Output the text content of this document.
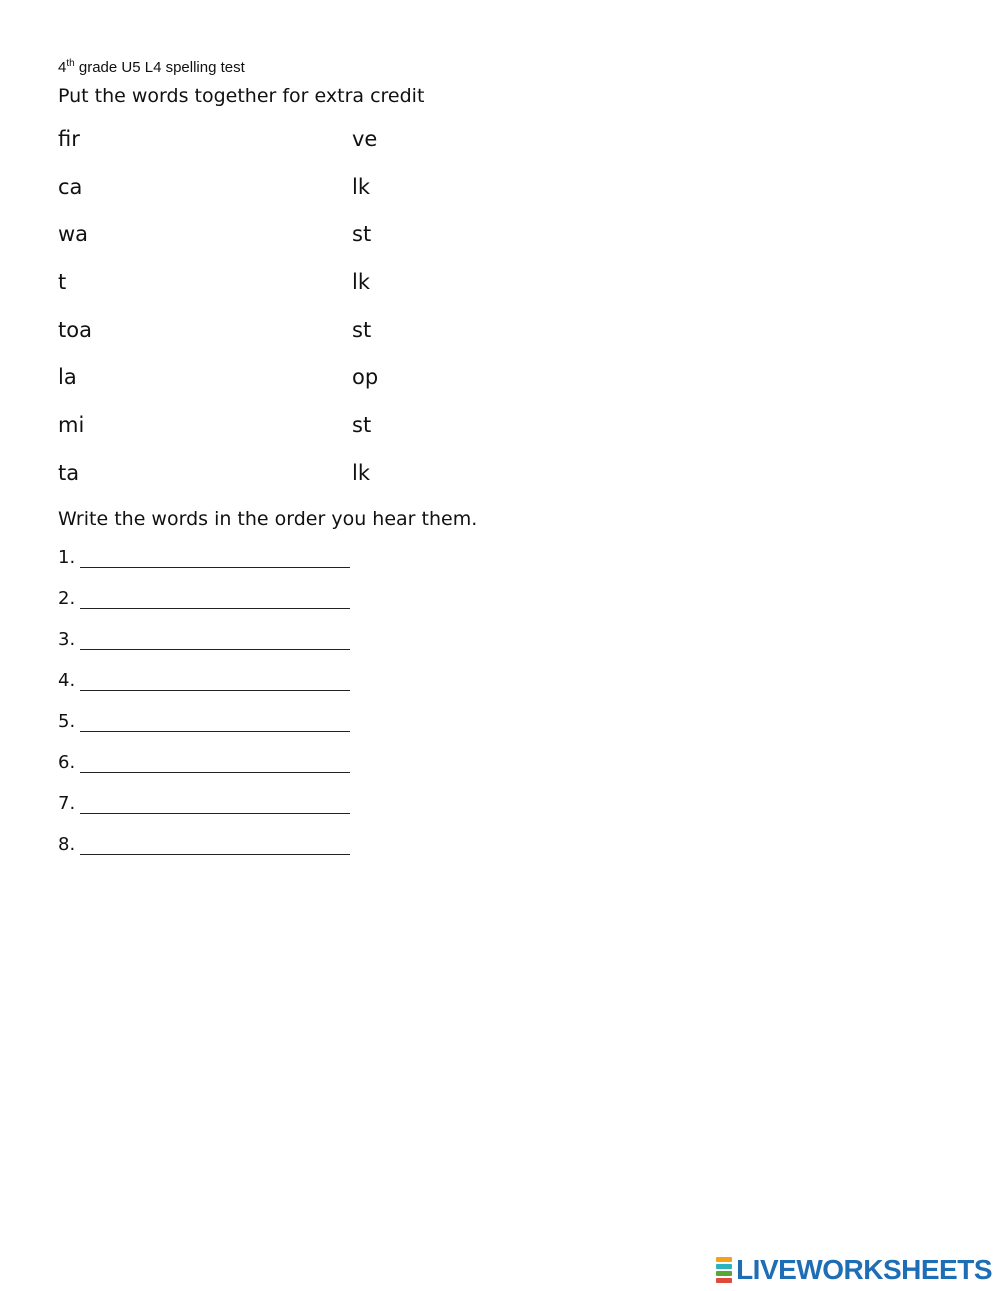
4th grade U5 L4 spelling test
Put the words together for extra credit
fir	ve
ca	lk
wa	st
t	lk
toa	st
la	op
mi	st
ta	lk
Write the words in the order you hear them.
1.
2.
3.
4.
5.
6.
7.
8.
LIVEWORKSHEETS
